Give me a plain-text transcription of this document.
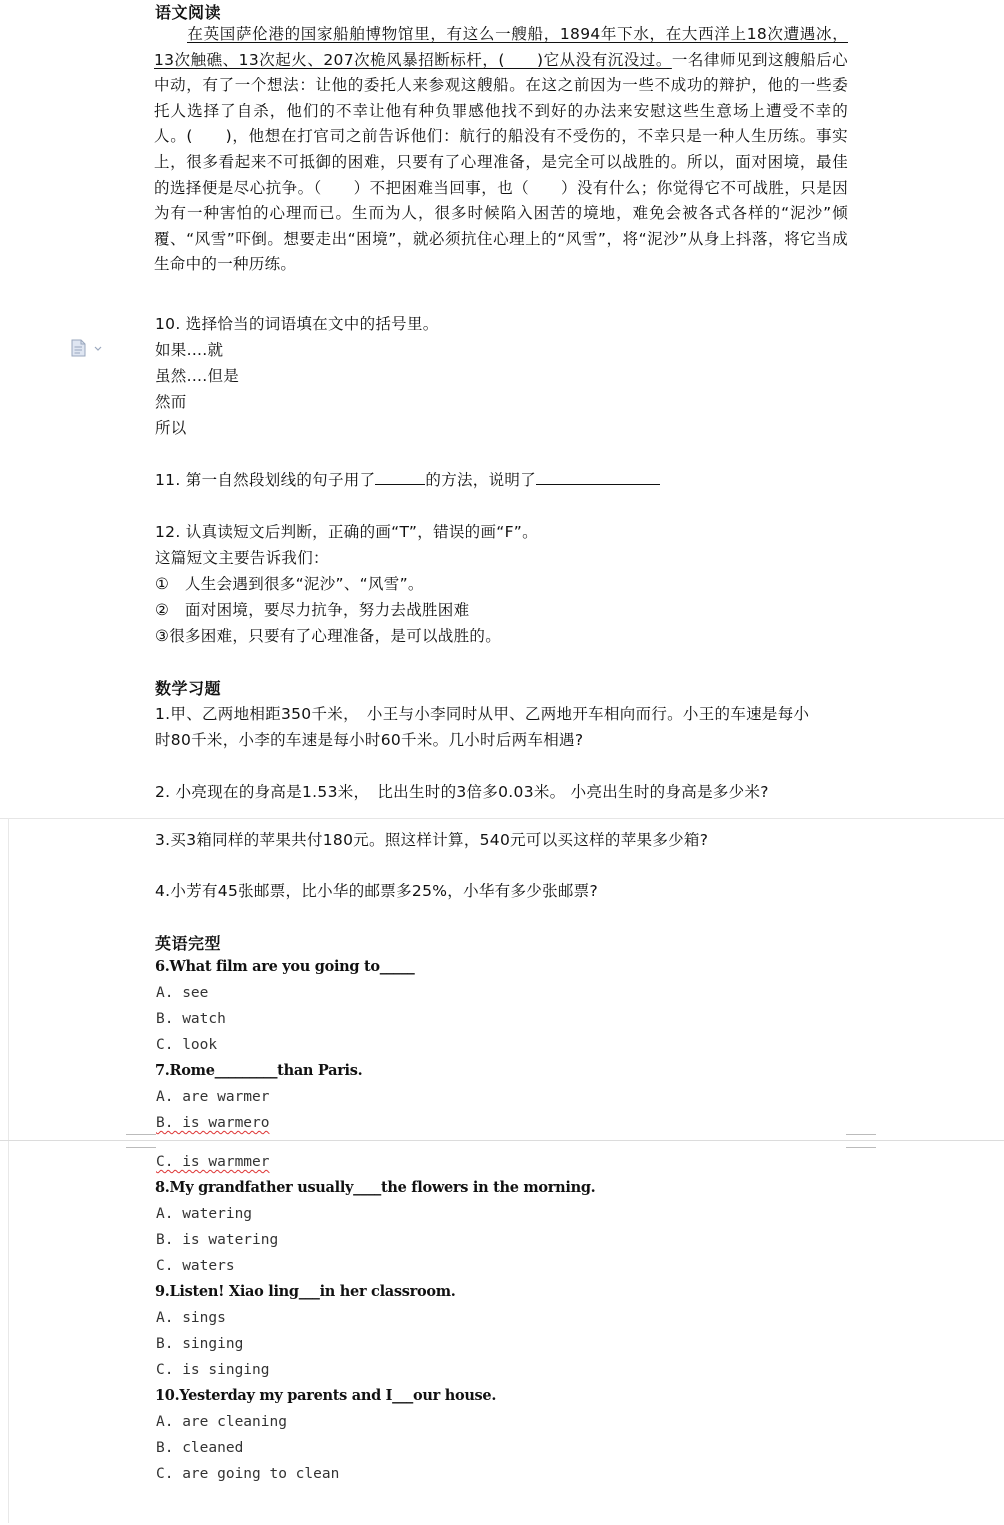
语文阅读
在英国萨伦港的国家船舶博物馆里，有这么一艘船，1894年下水，在大西洋上18次遭遇冰，13次触礁、13次起火、207次桅风暴招断标杆，(　　)它从没有沉没过。一名律师见到这艘船后心中动，有了一个想法：让他的委托人来参观这艘船。在这之前因为一些不成功的辩护，他的一些委托人选择了自杀，他们的不幸让他有种负罪感他找不到好的办法来安慰这些生意场上遭受不幸的人。(　　)，他想在打官司之前告诉他们：航行的船没有不受伤的，不幸只是一种人生历练。事实上，很多看起来不可抵御的困难，只要有了心理准备，是完全可以战胜的。所以，面对困境，最佳的选择便是尽心抗争。（　　）不把困难当回事，也（　　）没有什么；你觉得它不可战胜，只是因为有一种害怕的心理而已。生而为人，很多时候陷入困苦的境地，难免会被各式各样的“泥沙”倾覆、“风雪”吓倒。想要走出“困境”，就必须抗住心理上的“风雪”，将“泥沙”从身上抖落，将它当成生命中的一种历练。
10. 选择恰当的词语填在文中的括号里。
如果....就
虽然....但是
然而
所以
11. 第一自然段划线的句子用了	的方法，说明了
12. 认真读短文后判断，正确的画“T”，错误的画“F”。
这篇短文主要告诉我们：
①　人生会遇到很多“泥沙”、“风雪”。
②　面对困境，要尽力抗争，努力去战胜困难
③很多困难，只要有了心理准备，是可以战胜的。
数学习题
1.甲、乙两地相距350千米，　小王与小李同时从甲、乙两地开车相向而行。小王的车速是每小
时80千米，小李的车速是每小时60千米。几小时后两车相遇?
2. 小亮现在的身高是1.53米，　比出生时的3倍多0.03米。 小亮出生时的身高是多少米?
3.买3箱同样的苹果共付180元。照这样计算，540元可以买这样的苹果多少箱?
4.小芳有45张邮票，比小华的邮票多25%，小华有多少张邮票?
英语完型
6.What film are you going to_____
A. see
B. watch
C. look
7.Rome_________than Paris.
A. are warmer
B. is warmero
C. is warmmer
8.My grandfather usually____the flowers in the morning.
A. watering
B. is watering
C. waters
9.Listen! Xiao ling___in her classroom.
A. sings
B. singing
C. is singing
10.Yesterday my parents and I___our house.
A. are cleaning
B. cleaned
C. are going to clean
